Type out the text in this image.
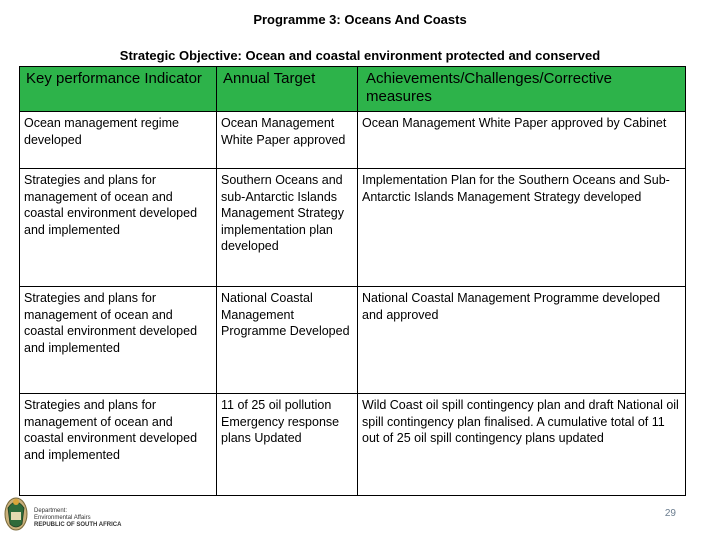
Programme 3: Oceans And Coasts
Strategic Objective: Ocean and coastal environment protected and conserved
Key performance Indicator	Annual Target	Achievements/Challenges/Corrective measures
Ocean management regime developed	Ocean Management White Paper approved	Ocean Management White Paper approved by Cabinet
Strategies and plans for management of ocean and coastal environment developed and implemented	Southern Oceans and sub-Antarctic Islands Management Strategy implementation plan developed	Implementation Plan for the Southern Oceans and Sub-Antarctic Islands Management Strategy developed
Strategies and plans for management of ocean and coastal environment developed and implemented	National Coastal Management Programme Developed	National Coastal Management Programme developed and approved
Strategies and plans for management of ocean and coastal environment developed and implemented	11 of 25 oil pollution Emergency response plans Updated	Wild Coast oil spill contingency plan and draft National oil spill contingency plan finalised. A cumulative total of 11 out of 25 oil spill contingency plans updated
Department:
Environmental Affairs
REPUBLIC OF SOUTH AFRICA
29
